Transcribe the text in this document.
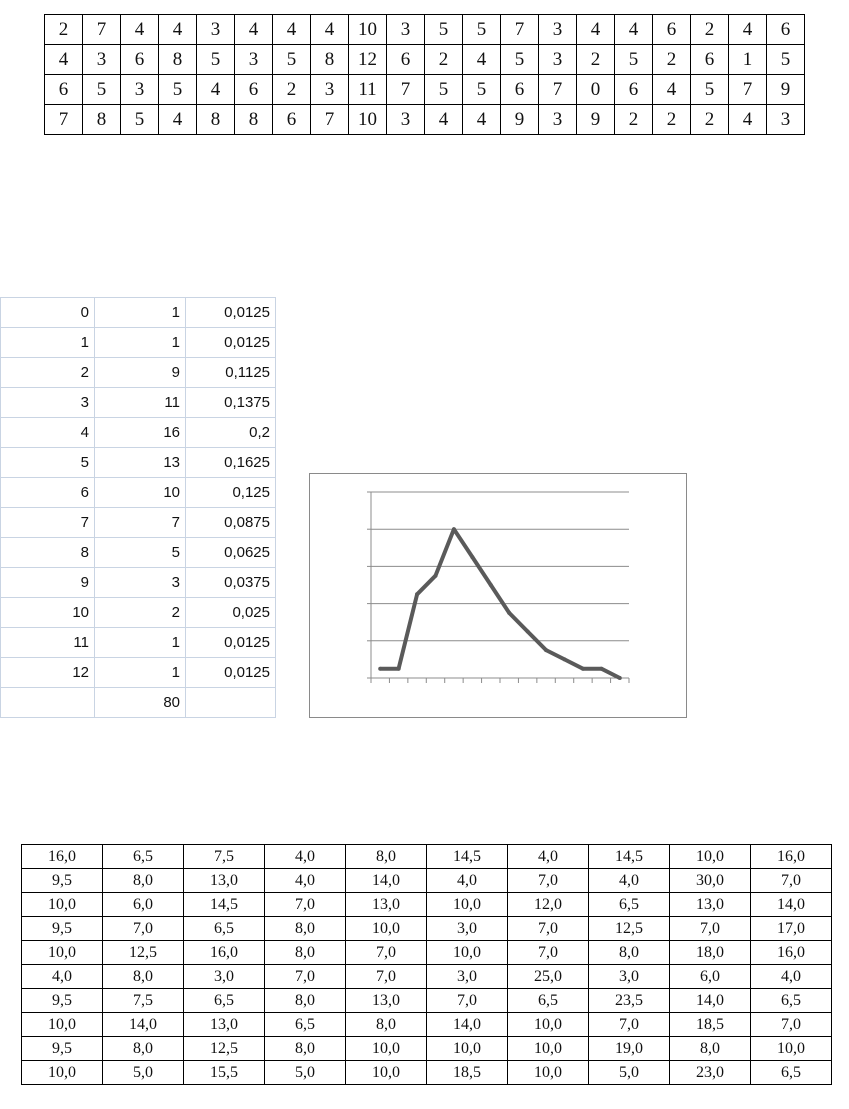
2	7	4	4	3	4	4	4	10	3	5	5	7	3	4	4	6	2	4	6
4	3	6	8	5	3	5	8	12	6	2	4	5	3	2	5	2	6	1	5
6	5	3	5	4	6	2	3	11	7	5	5	6	7	0	6	4	5	7	9
7	8	5	4	8	8	6	7	10	3	4	4	9	3	9	2	2	2	4	3
0	1	0,0125
1	1	0,0125
2	9	0,1125
3	11	0,1375
4	16	0,2
5	13	0,1625
6	10	0,125
7	7	0,0875
8	5	0,0625
9	3	0,0375
10	2	0,025
11	1	0,0125
12	1	0,0125
	80	
16,0	6,5	7,5	4,0	8,0	14,5	4,0	14,5	10,0	16,0
9,5	8,0	13,0	4,0	14,0	4,0	7,0	4,0	30,0	7,0
10,0	6,0	14,5	7,0	13,0	10,0	12,0	6,5	13,0	14,0
9,5	7,0	6,5	8,0	10,0	3,0	7,0	12,5	7,0	17,0
10,0	12,5	16,0	8,0	7,0	10,0	7,0	8,0	18,0	16,0
4,0	8,0	3,0	7,0	7,0	3,0	25,0	3,0	6,0	4,0
9,5	7,5	6,5	8,0	13,0	7,0	6,5	23,5	14,0	6,5
10,0	14,0	13,0	6,5	8,0	14,0	10,0	7,0	18,5	7,0
9,5	8,0	12,5	8,0	10,0	10,0	10,0	19,0	8,0	10,0
10,0	5,0	15,5	5,0	10,0	18,5	10,0	5,0	23,0	6,5
